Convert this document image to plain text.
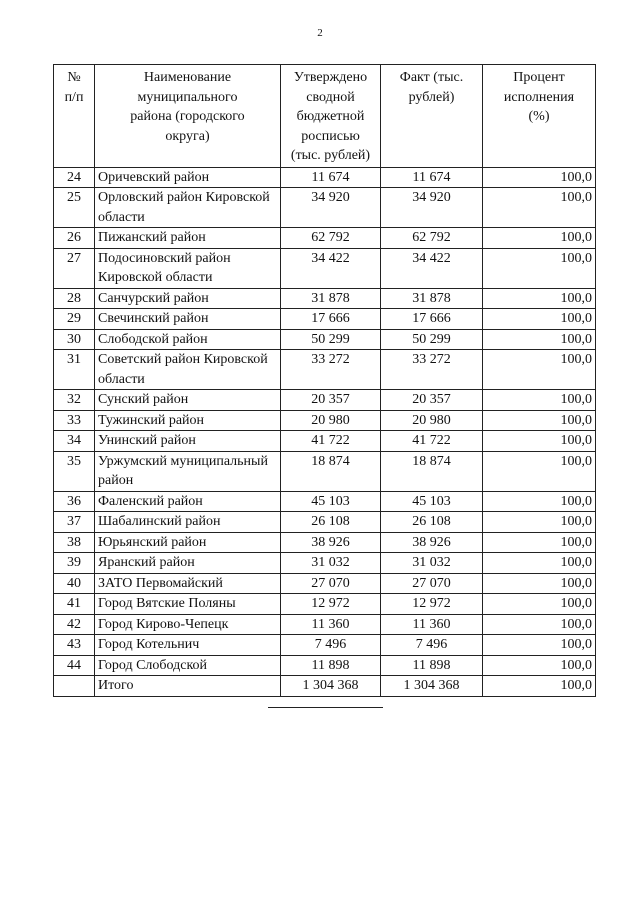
2
№ п/п	Наименование муниципального района (городского округа)	Утверждено сводной бюджетной росписью (тыс. рублей)	Факт (тыс. рублей)	Процент исполнения (%)
24	Оричевский район	11 674	11 674	100,0
25	Орловский район Кировской области	34 920	34 920	100,0
26	Пижанский район	62 792	62 792	100,0
27	Подосиновский район Кировской области	34 422	34 422	100,0
28	Санчурский район	31 878	31 878	100,0
29	Свечинский район	17 666	17 666	100,0
30	Слободской район	50 299	50 299	100,0
31	Советский район Кировской области	33 272	33 272	100,0
32	Сунский район	20 357	20 357	100,0
33	Тужинский район	20 980	20 980	100,0
34	Унинский район	41 722	41 722	100,0
35	Уржумский муниципальный район	18 874	18 874	100,0
36	Фаленский район	45 103	45 103	100,0
37	Шабалинский район	26 108	26 108	100,0
38	Юрьянский район	38 926	38 926	100,0
39	Яранский район	31 032	31 032	100,0
40	ЗАТО Первомайский	27 070	27 070	100,0
41	Город Вятские Поляны	12 972	12 972	100,0
42	Город Кирово-Чепецк	11 360	11 360	100,0
43	Город Котельнич	7 496	7 496	100,0
44	Город Слободской	11 898	11 898	100,0
	Итого	1 304 368	1 304 368	100,0
